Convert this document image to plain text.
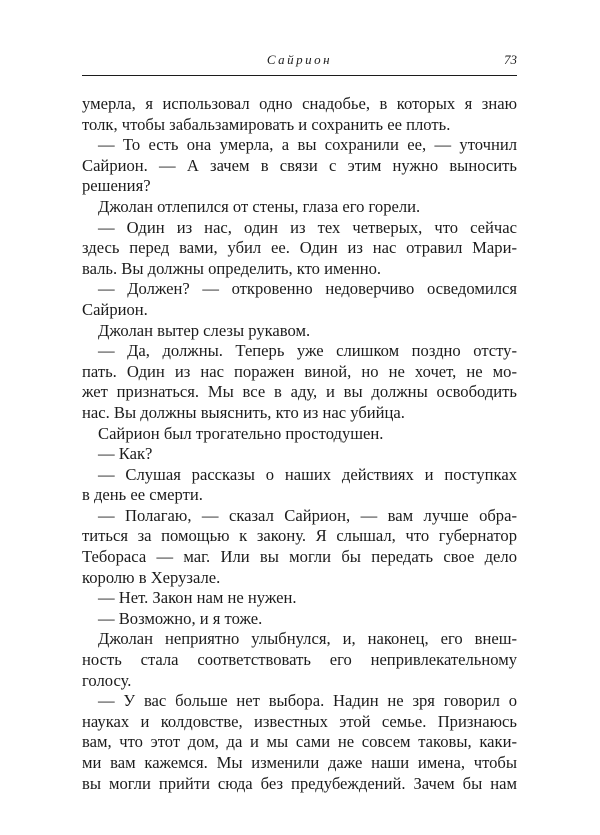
Сайрион	73
умерла, я использовал одно снадобье, в которых я знаю
толк, чтобы забальзамировать и сохранить ее плоть.
— То есть она умерла, а вы сохранили ее, — уточнил
Сайрион. — А зачем в связи с этим нужно выносить
решения?
Джолан отлепился от стены, глаза его горели.
— Один из нас, один из тех четверых, что сейчас
здесь перед вами, убил ее. Один из нас отравил Мари-
валь. Вы должны определить, кто именно.
— Должен? — откровенно недоверчиво осведомился
Сайрион.
Джолан вытер слезы рукавом.
— Да, должны. Теперь уже слишком поздно отсту-
пать. Один из нас поражен виной, но не хочет, не мо-
жет признаться. Мы все в аду, и вы должны освободить
нас. Вы должны выяснить, кто из нас убийца.
Сайрион был трогательно простодушен.
— Как?
— Слушая рассказы о наших действиях и поступках
в день ее смерти.
— Полагаю, — сказал Сайрион, — вам лучше обра-
титься за помощью к закону. Я слышал, что губернатор
Тебораса — маг. Или вы могли бы передать свое дело
королю в Херузале.
— Нет. Закон нам не нужен.
— Возможно, и я тоже.
Джолан неприятно улыбнулся, и, наконец, его внеш-
ность стала соответствовать его непривлекательному
голосу.
— У вас больше нет выбора. Надин не зря говорил о
науках и колдовстве, известных этой семье. Признаюсь
вам, что этот дом, да и мы сами не совсем таковы, каки-
ми вам кажемся. Мы изменили даже наши имена, чтобы
вы могли прийти сюда без предубеждений. Зачем бы нам
